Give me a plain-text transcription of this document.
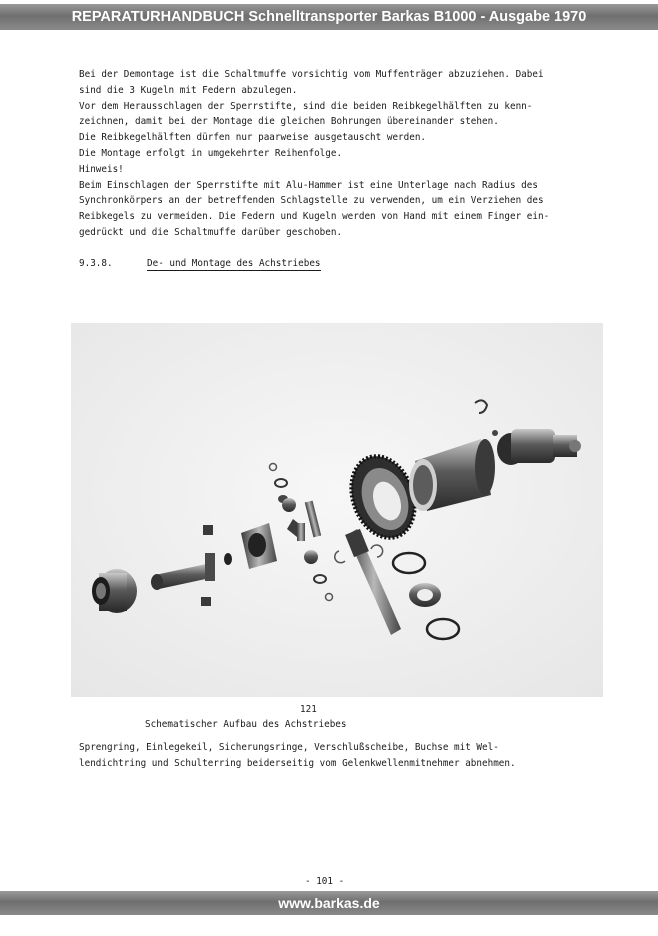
REPARATURHANDBUCH Schnelltransporter Barkas B1000 - Ausgabe 1970
Bei der Demontage ist die Schaltmuffe vorsichtig vom Muffenträger abzuziehen. Dabei
sind die 3 Kugeln mit Federn abzulegen.
Vor dem Herausschlagen der Sperrstifte, sind die beiden Reibkegelhälften zu kenn-
zeichnen, damit bei der Montage die gleichen Bohrungen übereinander stehen.
Die Reibkegelhälften dürfen nur paarweise ausgetauscht werden.
Die Montage erfolgt in umgekehrter Reihenfolge.
Hinweis!
Beim Einschlagen der Sperrstifte mit Alu-Hammer ist eine Unterlage nach Radius des
Synchronkörpers an der betreffenden Schlagstelle zu verwenden, um ein Verziehen des
Reibkegels zu vermeiden. Die Federn und Kugeln werden von Hand mit einem Finger ein-
gedrückt und die Schaltmuffe darüber geschoben.
9.3.8.	De- und Montage des Achstriebes
121
Schematischer Aufbau des Achstriebes
Sprengring, Einlegekeil, Sicherungsringe, Verschlußscheibe, Buchse mit Wel-
lendichtring und Schulterring beiderseitig vom Gelenkwellenmitnehmer abnehmen.
- 101 -
www.barkas.de
